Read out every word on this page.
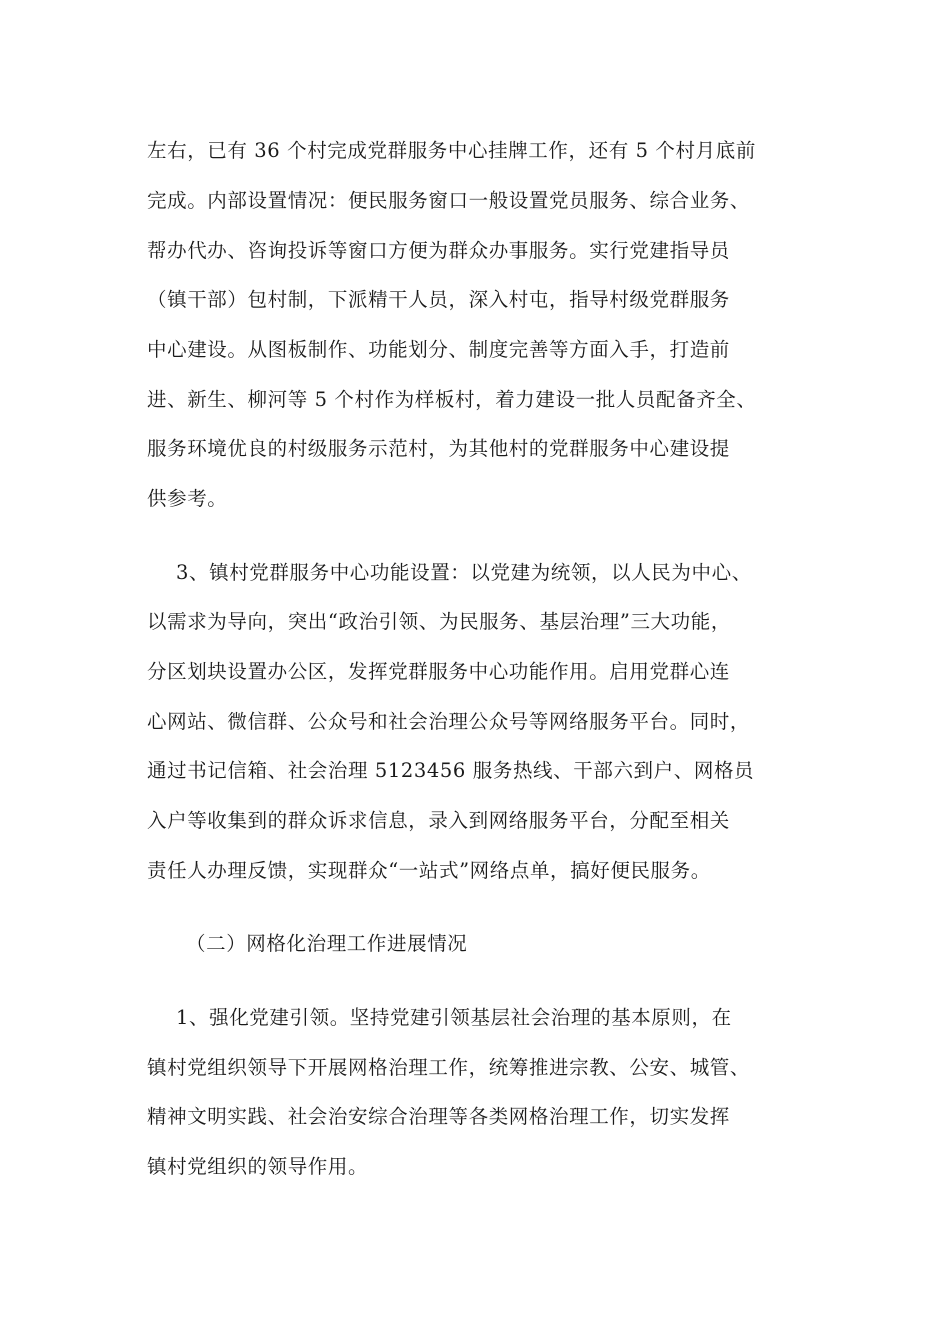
左右，已有 36 个村完成党群服务中心挂牌工作，还有 5 个村月底前
完成。内部设置情况：便民服务窗口一般设置党员服务、综合业务、
帮办代办、咨询投诉等窗口方便为群众办事服务。实行党建指导员
（镇干部）包村制，下派精干人员，深入村屯，指导村级党群服务
中心建设。从图板制作、功能划分、制度完善等方面入手，打造前
进、新生、柳河等 5 个村作为样板村，着力建设一批人员配备齐全、
服务环境优良的村级服务示范村，为其他村的党群服务中心建设提
供参考。
3、镇村党群服务中心功能设置：以党建为统领，以人民为中心、
以需求为导向，突出“政治引领、为民服务、基层治理”三大功能，
分区划块设置办公区，发挥党群服务中心功能作用。启用党群心连
心网站、微信群、公众号和社会治理公众号等网络服务平台。同时，
通过书记信箱、社会治理 5123456 服务热线、干部六到户、网格员
入户等收集到的群众诉求信息，录入到网络服务平台，分配至相关
责任人办理反馈，实现群众“一站式”网络点单，搞好便民服务。
（二）网格化治理工作进展情况
1、强化党建引领。坚持党建引领基层社会治理的基本原则，在
镇村党组织领导下开展网格治理工作，统筹推进宗教、公安、城管、
精神文明实践、社会治安综合治理等各类网格治理工作，切实发挥
镇村党组织的领导作用。
